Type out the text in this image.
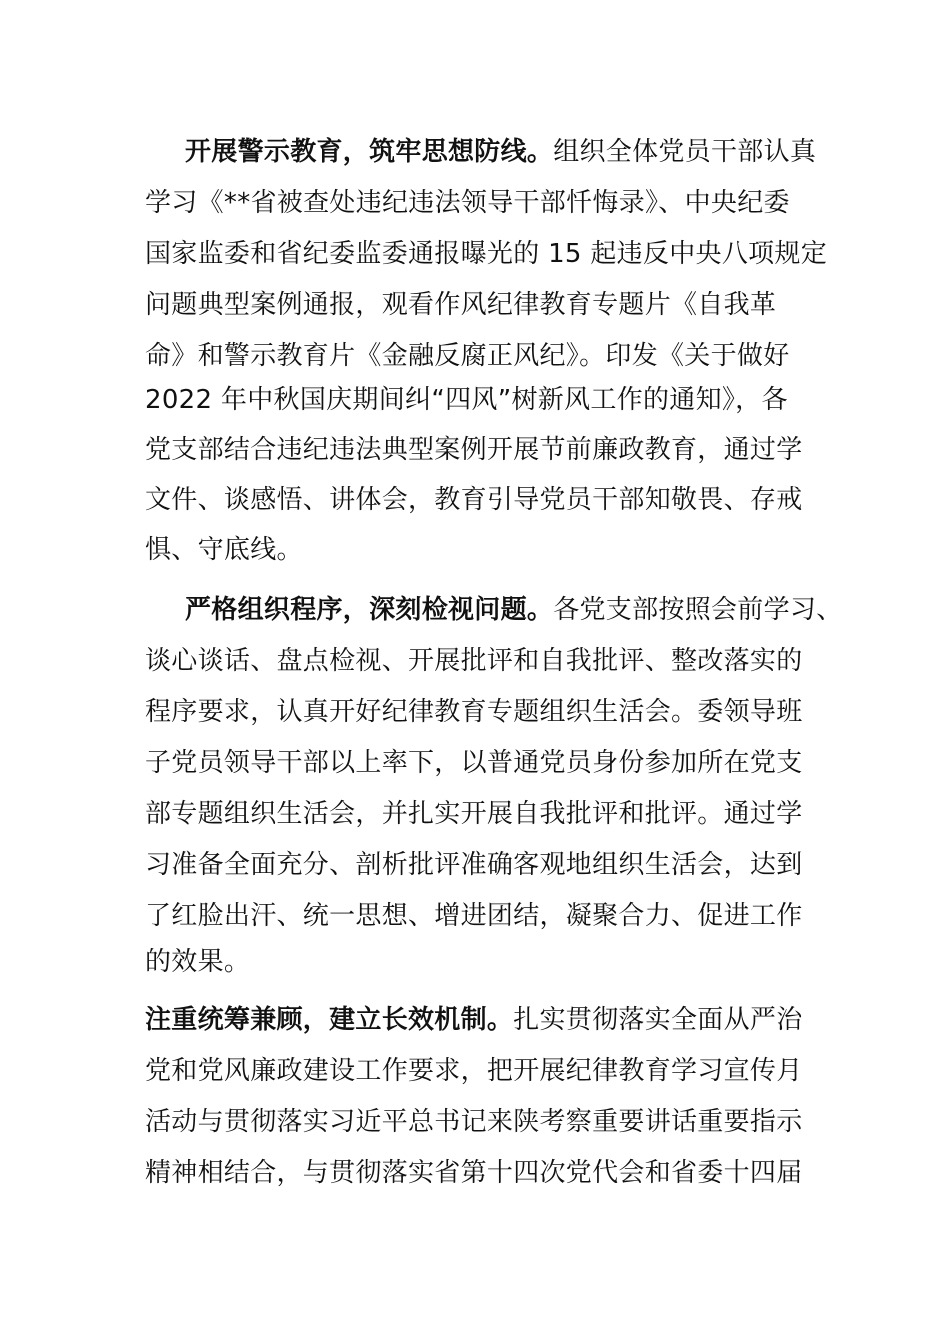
开展警示教育，筑牢思想防线。组织全体党员干部认真
学习《**省被查处违纪违法领导干部忏悔录》、中央纪委
国家监委和省纪委监委通报曝光的 15 起违反中央八项规定
问题典型案例通报，观看作风纪律教育专题片《自我革
命》和警示教育片《金融反腐正风纪》。印发《关于做好
2022 年中秋国庆期间纠“四风”树新风工作的通知》，各
党支部结合违纪违法典型案例开展节前廉政教育，通过学
文件、谈感悟、讲体会，教育引导党员干部知敬畏、存戒
惧、守底线。
严格组织程序，深刻检视问题。各党支部按照会前学习、
谈心谈话、盘点检视、开展批评和自我批评、整改落实的
程序要求，认真开好纪律教育专题组织生活会。委领导班
子党员领导干部以上率下，以普通党员身份参加所在党支
部专题组织生活会，并扎实开展自我批评和批评。通过学
习准备全面充分、剖析批评准确客观地组织生活会，达到
了红脸出汗、统一思想、增进团结，凝聚合力、促进工作
的效果。
注重统筹兼顾，建立长效机制。扎实贯彻落实全面从严治
党和党风廉政建设工作要求，把开展纪律教育学习宣传月
活动与贯彻落实习近平总书记来陕考察重要讲话重要指示
精神相结合，与贯彻落实省第十四次党代会和省委十四届
